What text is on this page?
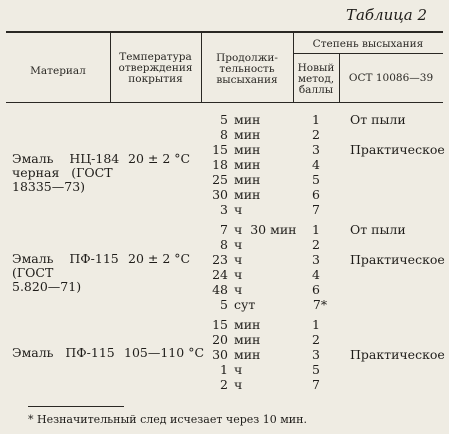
Таблица 2
Материал
Температура
отверждения
покрытия
Продолжи-
тельность
высыхания
Степень высыхания
Новый
метод,
баллы
ОСТ 10086—39
Эмаль    НЦ-184
черная   (ГОСТ
18335—73)
20 ± 2 °С
5 мин
8 мин
15 мин
18 мин
25 мин
30 мин
3 ч
1
2
3
4
5
6
7
От пыли
Практическое
Эмаль    ПФ-115
(ГОСТ
5.820—71)
20 ± 2 °С
7 ч  30 мин
8 ч
23 ч
24 ч
48 ч
5 сут
1
2
3
4
6
7*
От пыли
Практическое
Эмаль   ПФ-115 105—110 °С
15 мин
20 мин
30 мин
1 ч
2 ч
1
2
3
5
7
Практическое
* Незначительный след исчезает через 10 мин.
